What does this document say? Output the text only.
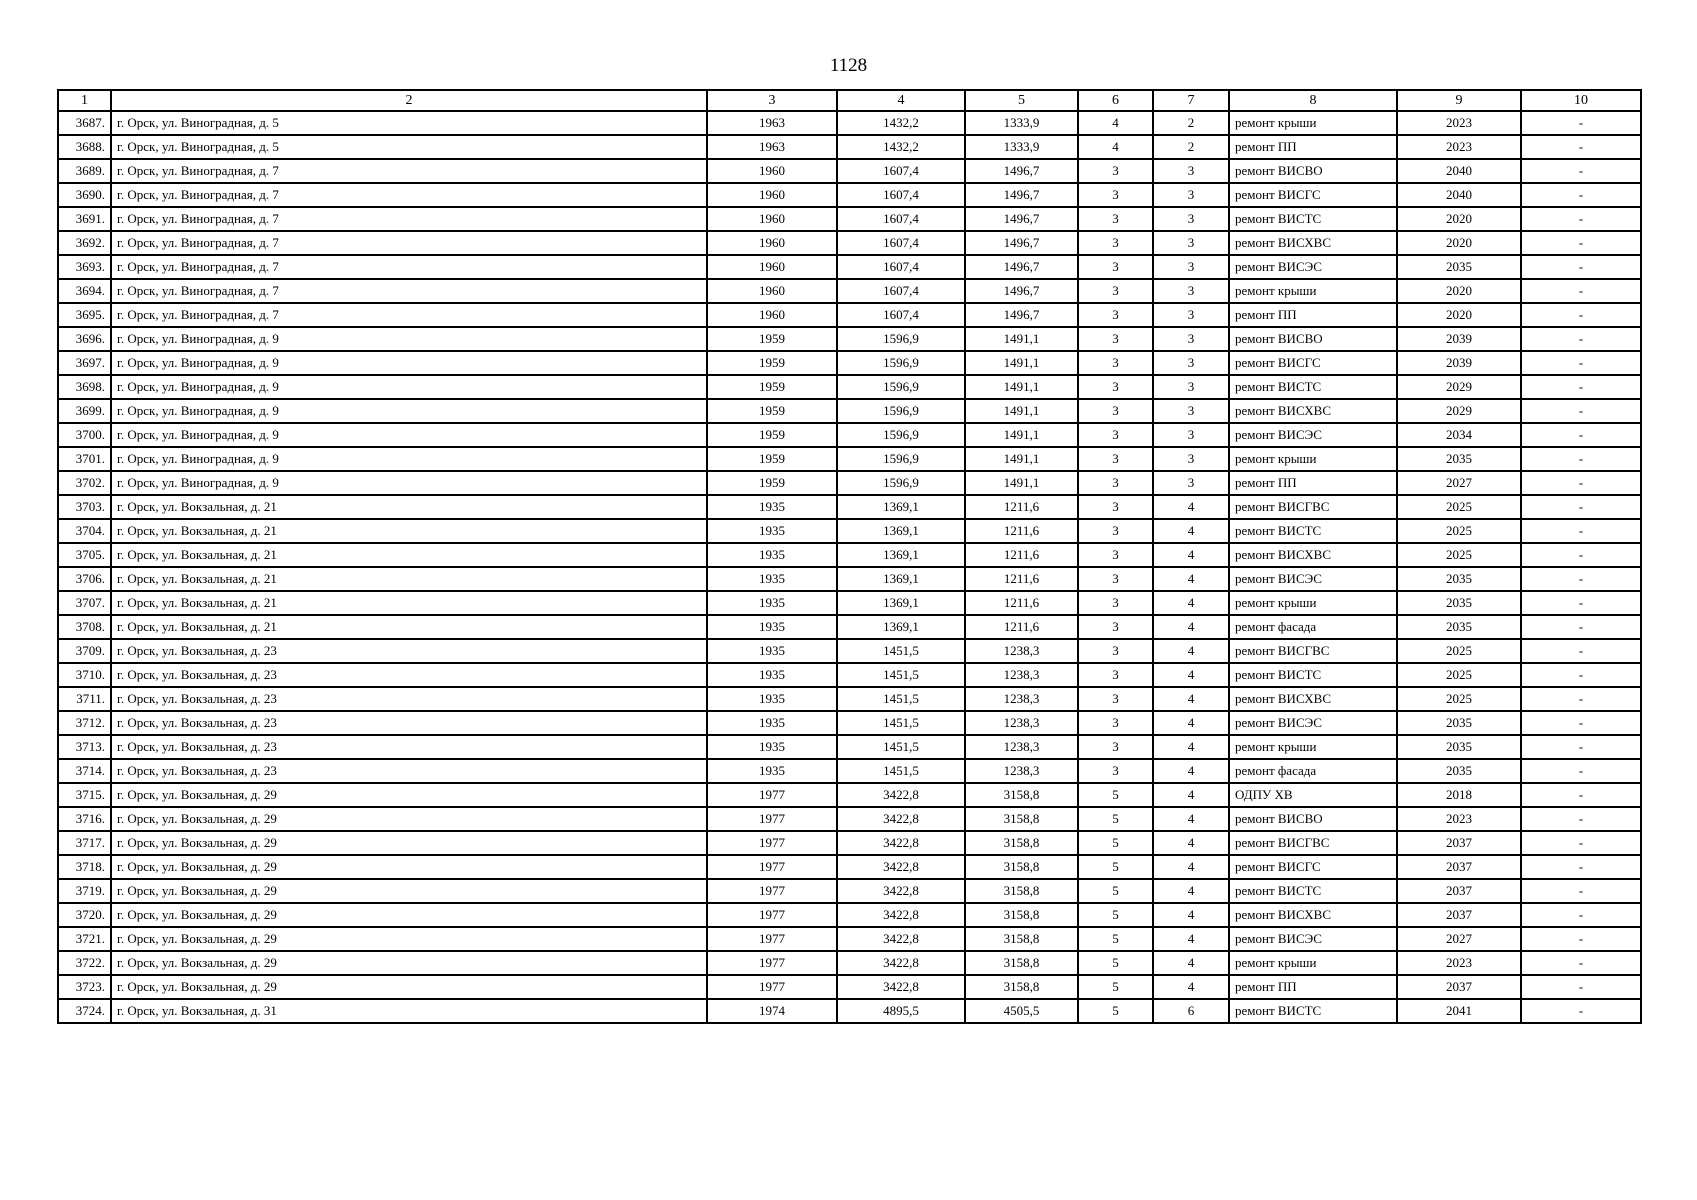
1128
1	2	3	4	5	6	7	8	9	10
3687.	г. Орск, ул. Виноградная, д. 5	1963	1432,2	1333,9	4	2	ремонт крыши	2023	-
3688.	г. Орск, ул. Виноградная, д. 5	1963	1432,2	1333,9	4	2	ремонт ПП	2023	-
3689.	г. Орск, ул. Виноградная, д. 7	1960	1607,4	1496,7	3	3	ремонт ВИСВО	2040	-
3690.	г. Орск, ул. Виноградная, д. 7	1960	1607,4	1496,7	3	3	ремонт ВИСГС	2040	-
3691.	г. Орск, ул. Виноградная, д. 7	1960	1607,4	1496,7	3	3	ремонт ВИСТС	2020	-
3692.	г. Орск, ул. Виноградная, д. 7	1960	1607,4	1496,7	3	3	ремонт ВИСХВС	2020	-
3693.	г. Орск, ул. Виноградная, д. 7	1960	1607,4	1496,7	3	3	ремонт ВИСЭС	2035	-
3694.	г. Орск, ул. Виноградная, д. 7	1960	1607,4	1496,7	3	3	ремонт крыши	2020	-
3695.	г. Орск, ул. Виноградная, д. 7	1960	1607,4	1496,7	3	3	ремонт ПП	2020	-
3696.	г. Орск, ул. Виноградная, д. 9	1959	1596,9	1491,1	3	3	ремонт ВИСВО	2039	-
3697.	г. Орск, ул. Виноградная, д. 9	1959	1596,9	1491,1	3	3	ремонт ВИСГС	2039	-
3698.	г. Орск, ул. Виноградная, д. 9	1959	1596,9	1491,1	3	3	ремонт ВИСТС	2029	-
3699.	г. Орск, ул. Виноградная, д. 9	1959	1596,9	1491,1	3	3	ремонт ВИСХВС	2029	-
3700.	г. Орск, ул. Виноградная, д. 9	1959	1596,9	1491,1	3	3	ремонт ВИСЭС	2034	-
3701.	г. Орск, ул. Виноградная, д. 9	1959	1596,9	1491,1	3	3	ремонт крыши	2035	-
3702.	г. Орск, ул. Виноградная, д. 9	1959	1596,9	1491,1	3	3	ремонт ПП	2027	-
3703.	г. Орск, ул. Вокзальная, д. 21	1935	1369,1	1211,6	3	4	ремонт ВИСГВС	2025	-
3704.	г. Орск, ул. Вокзальная, д. 21	1935	1369,1	1211,6	3	4	ремонт ВИСТС	2025	-
3705.	г. Орск, ул. Вокзальная, д. 21	1935	1369,1	1211,6	3	4	ремонт ВИСХВС	2025	-
3706.	г. Орск, ул. Вокзальная, д. 21	1935	1369,1	1211,6	3	4	ремонт ВИСЭС	2035	-
3707.	г. Орск, ул. Вокзальная, д. 21	1935	1369,1	1211,6	3	4	ремонт крыши	2035	-
3708.	г. Орск, ул. Вокзальная, д. 21	1935	1369,1	1211,6	3	4	ремонт фасада	2035	-
3709.	г. Орск, ул. Вокзальная, д. 23	1935	1451,5	1238,3	3	4	ремонт ВИСГВС	2025	-
3710.	г. Орск, ул. Вокзальная, д. 23	1935	1451,5	1238,3	3	4	ремонт ВИСТС	2025	-
3711.	г. Орск, ул. Вокзальная, д. 23	1935	1451,5	1238,3	3	4	ремонт ВИСХВС	2025	-
3712.	г. Орск, ул. Вокзальная, д. 23	1935	1451,5	1238,3	3	4	ремонт ВИСЭС	2035	-
3713.	г. Орск, ул. Вокзальная, д. 23	1935	1451,5	1238,3	3	4	ремонт крыши	2035	-
3714.	г. Орск, ул. Вокзальная, д. 23	1935	1451,5	1238,3	3	4	ремонт фасада	2035	-
3715.	г. Орск, ул. Вокзальная, д. 29	1977	3422,8	3158,8	5	4	ОДПУ ХВ	2018	-
3716.	г. Орск, ул. Вокзальная, д. 29	1977	3422,8	3158,8	5	4	ремонт ВИСВО	2023	-
3717.	г. Орск, ул. Вокзальная, д. 29	1977	3422,8	3158,8	5	4	ремонт ВИСГВС	2037	-
3718.	г. Орск, ул. Вокзальная, д. 29	1977	3422,8	3158,8	5	4	ремонт ВИСГС	2037	-
3719.	г. Орск, ул. Вокзальная, д. 29	1977	3422,8	3158,8	5	4	ремонт ВИСТС	2037	-
3720.	г. Орск, ул. Вокзальная, д. 29	1977	3422,8	3158,8	5	4	ремонт ВИСХВС	2037	-
3721.	г. Орск, ул. Вокзальная, д. 29	1977	3422,8	3158,8	5	4	ремонт ВИСЭС	2027	-
3722.	г. Орск, ул. Вокзальная, д. 29	1977	3422,8	3158,8	5	4	ремонт крыши	2023	-
3723.	г. Орск, ул. Вокзальная, д. 29	1977	3422,8	3158,8	5	4	ремонт ПП	2037	-
3724.	г. Орск, ул. Вокзальная, д. 31	1974	4895,5	4505,5	5	6	ремонт ВИСТС	2041	-
